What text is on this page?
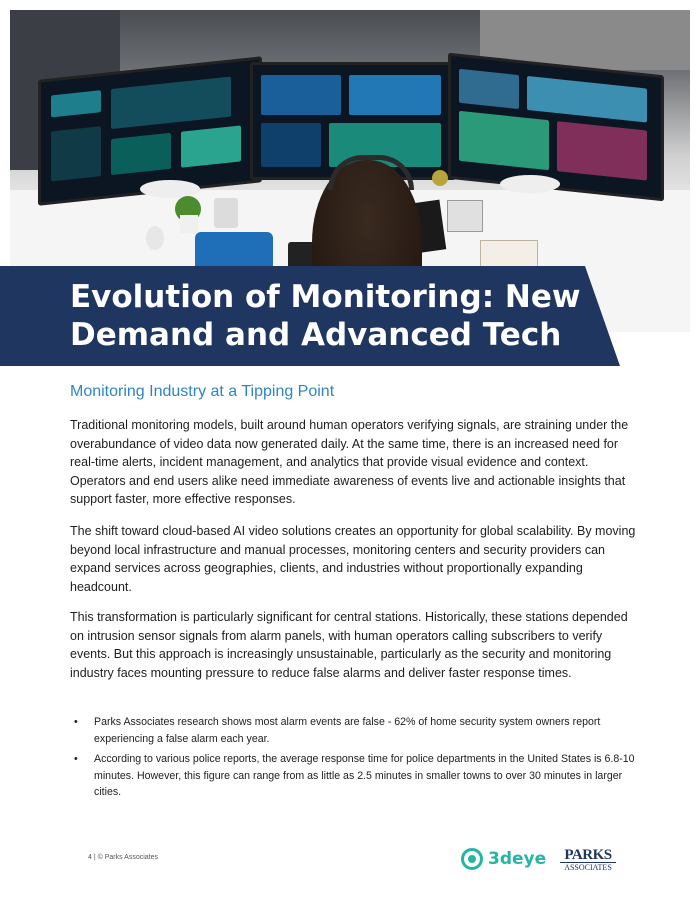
Evolution of Monitoring: New Demand and Advanced Tech
Monitoring Industry at a Tipping Point

Traditional monitoring models, built around human operators verifying signals, are straining under the overabundance of video data now generated daily. At the same time, there is an increased need for real-time alerts, incident management, and analytics that provide visual evidence and context. Operators and end users alike need immediate awareness of events live and actionable insights that support faster, more effective responses.

The shift toward cloud-based AI video solutions creates an opportunity for global scalability. By moving beyond local infrastructure and manual processes, monitoring centers and security providers can expand services across geographies, clients, and industries without proportionally expanding headcount.

This transformation is particularly significant for central stations. Historically, these stations depended on intrusion sensor signals from alarm panels, with human operators calling subscribers to verify events. But this approach is increasingly unsustainable, particularly as the security and monitoring industry faces mounting pressure to reduce false alarms and deliver faster response times.

• Parks Associates research shows most alarm events are false - 62% of home security system owners report experiencing a false alarm each year.
• According to various police reports, the average response time for police departments in the United States is 6.8-10 minutes. However, this figure can range from as little as 2.5 minutes in smaller towns to over 30 minutes in larger cities.
4 | © Parks Associates	3deye PARKS
ASSOCIATES
